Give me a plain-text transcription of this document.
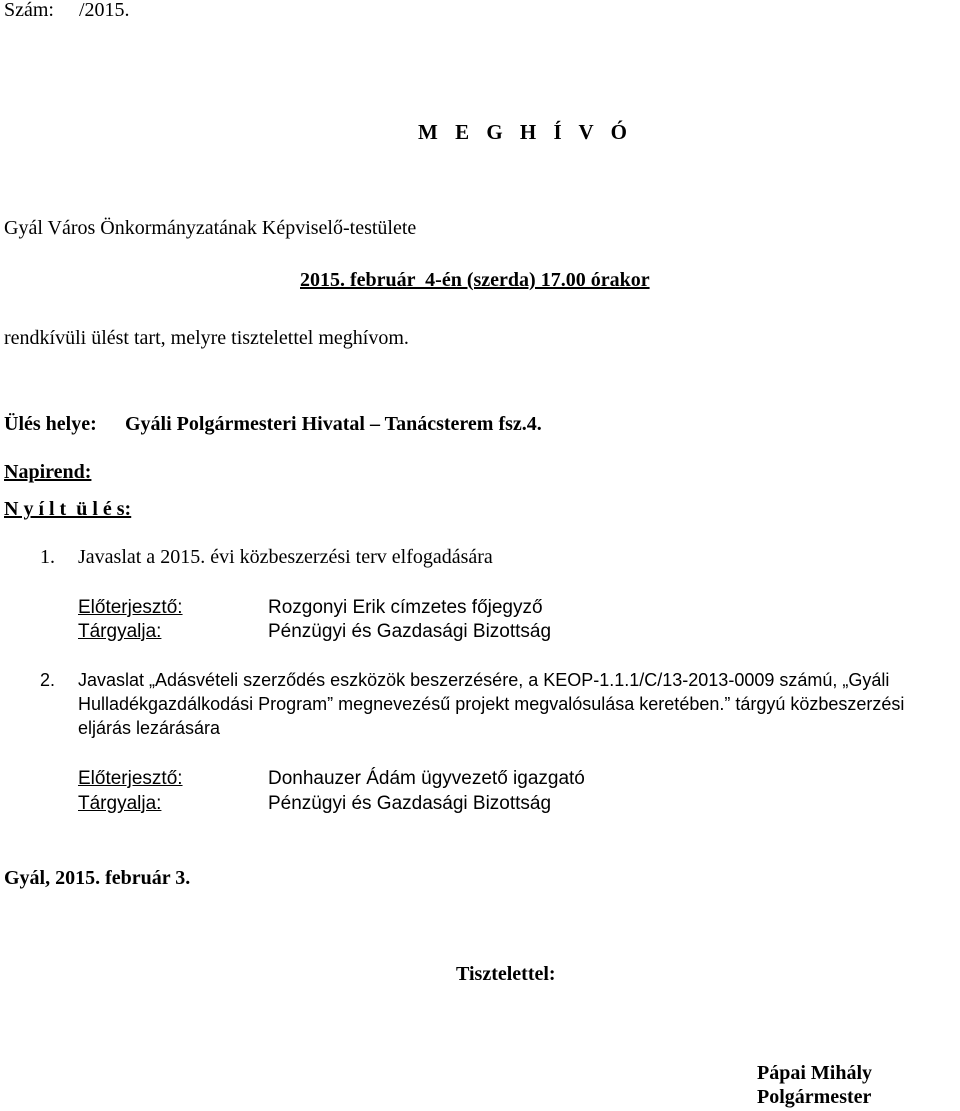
Szám:     /2015.
M E G H Í V Ó
Gyál Város Önkormányzatának Képviselő-testülete
2015. február  4-én (szerda) 17.00 órakor
rendkívüli ülést tart, melyre tisztelettel meghívom.
Ülés helye: Gyáli Polgármesteri Hivatal – Tanácsterem fsz.4.
Napirend:
N y í l t  ü l é s:
1. Javaslat a 2015. évi közbeszerzési terv elfogadására
Előterjesztő:	Rozgonyi Erik címzetes főjegyző
Tárgyalja:	Pénzügyi és Gazdasági Bizottság
2. Javaslat „Adásvételi szerződés eszközök beszerzésére, a KEOP-1.1.1/C/13-2013-0009 számú, „Gyáli
Hulladékgazdálkodási Program” megnevezésű projekt megvalósulása keretében.” tárgyú közbeszerzési
eljárás lezárására
Előterjesztő:	Donhauzer Ádám ügyvezető igazgató
Tárgyalja:	Pénzügyi és Gazdasági Bizottság
Gyál, 2015. február 3.
Tisztelettel:
Pápai Mihály
Polgármester
